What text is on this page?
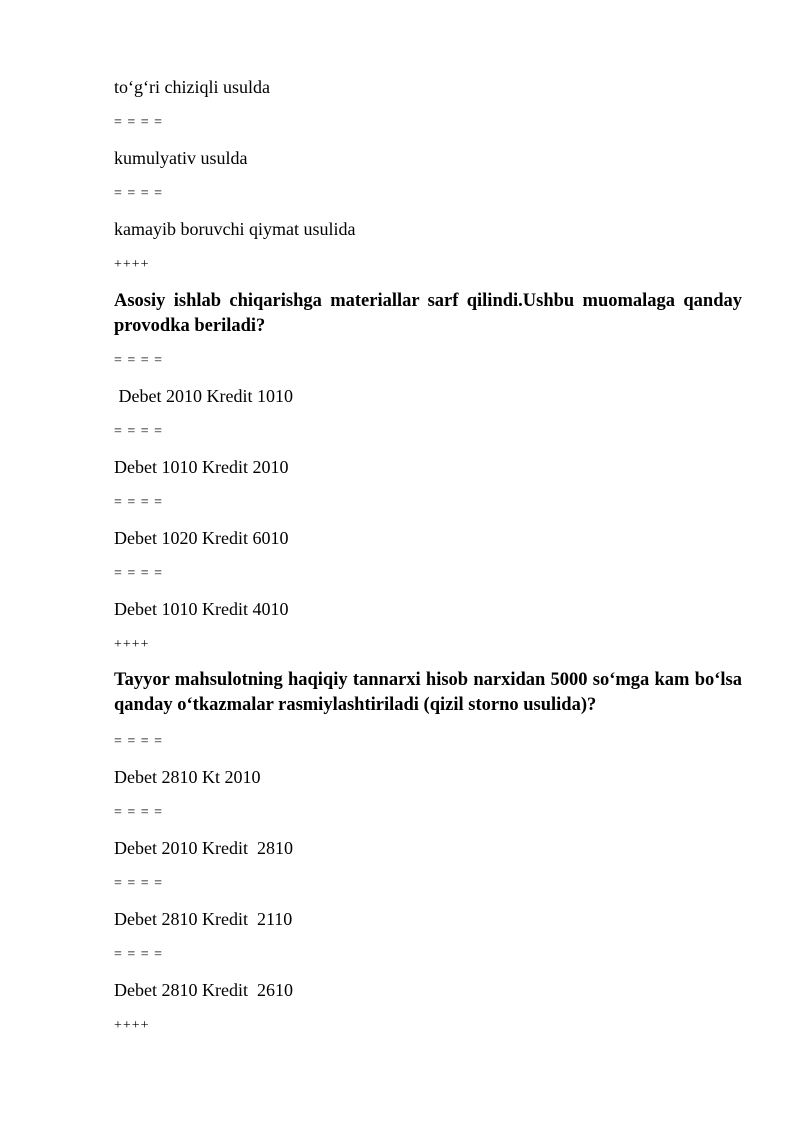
to‘g‘ri chiziqli usulda
= = = =
kumulyativ usulda
= = = =
kamayib boruvchi qiymat usulida
++++
Asosiy ishlab chiqarishga materiallar sarf qilindi.Ushbu muomalaga qanday provodka beriladi?
= = = =
Debet 2010 Kredit 1010
= = = =
Debet 1010 Kredit 2010
= = = =
Debet 1020 Kredit 6010
= = = =
Debet 1010 Kredit 4010
++++
Tayyor mahsulotning haqiqiy tannarxi hisob narxidan 5000 so‘mga kam bo‘lsa qanday o‘tkazmalar rasmiylashtiriladi (qizil storno usulida)?
= = = =
Debet 2810 Kt 2010
= = = =
Debet 2010 Kredit  2810
= = = =
Debet 2810 Kredit  2110
= = = =
Debet 2810 Kredit  2610
++++
